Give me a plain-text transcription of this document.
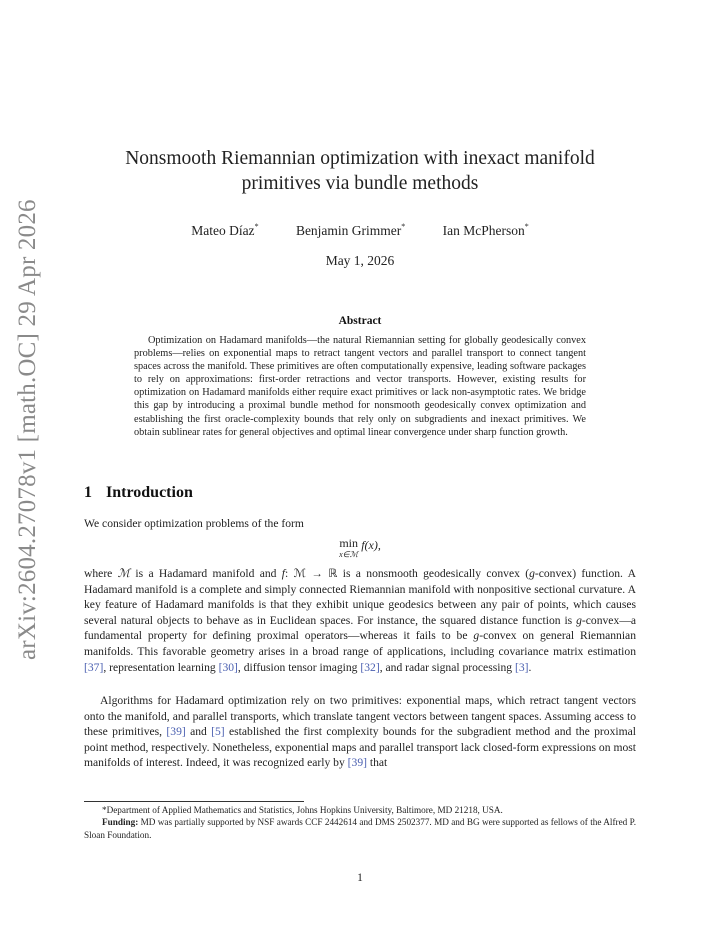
arXiv:2604.27078v1 [math.OC] 29 Apr 2026
Nonsmooth Riemannian optimization with inexact manifold primitives via bundle methods
Mateo Díaz*	Benjamin Grimmer*	Ian McPherson*
May 1, 2026
Abstract
Optimization on Hadamard manifolds—the natural Riemannian setting for globally geodesically convex problems—relies on exponential maps to retract tangent vectors and parallel transport to connect tangent spaces across the manifold. These primitives are often computationally expensive, leading software packages to rely on approximations: first-order retractions and vector transports. However, existing results for optimization on Hadamard manifolds either require exact primitives or lack non-asymptotic rates. We bridge this gap by introducing a proximal bundle method for nonsmooth geodesically convex optimization and establishing the first oracle-complexity bounds that rely only on subgradients and inexact primitives. We obtain sublinear rates for general objectives and optimal linear convergence under sharp function growth.
1 Introduction
We consider optimization problems of the form
min
x∈ℳ
f(x),
where ℳ is a Hadamard manifold and f: ℳ → ℝ is a nonsmooth geodesically convex (g-convex) function. A Hadamard manifold is a complete and simply connected Riemannian manifold with nonpositive sectional curvature. A key feature of Hadamard manifolds is that they exhibit unique geodesics between any pair of points, which causes several natural objects to behave as in Euclidean spaces. For instance, the squared distance function is g-convex—a fundamental property for defining proximal operators—whereas it fails to be g-convex on general Riemannian manifolds. This favorable geometry arises in a broad range of applications, including covariance matrix estimation [37], representation learning [30], diffusion tensor imaging [32], and radar signal processing [3].
Algorithms for Hadamard optimization rely on two primitives: exponential maps, which retract tangent vectors onto the manifold, and parallel transports, which translate tangent vectors between tangent spaces. Assuming access to these primitives, [39] and [5] established the first complexity bounds for the subgradient method and the proximal point method, respectively. Nonetheless, exponential maps and parallel transport lack closed-form expressions on most manifolds of interest. Indeed, it was recognized early by [39] that

*Department of Applied Mathematics and Statistics, Johns Hopkins University, Baltimore, MD 21218, USA.

Funding: MD was partially supported by NSF awards CCF 2442614 and DMS 2502377. MD and BG were supported as fellows of the Alfred P. Sloan Foundation.

1
